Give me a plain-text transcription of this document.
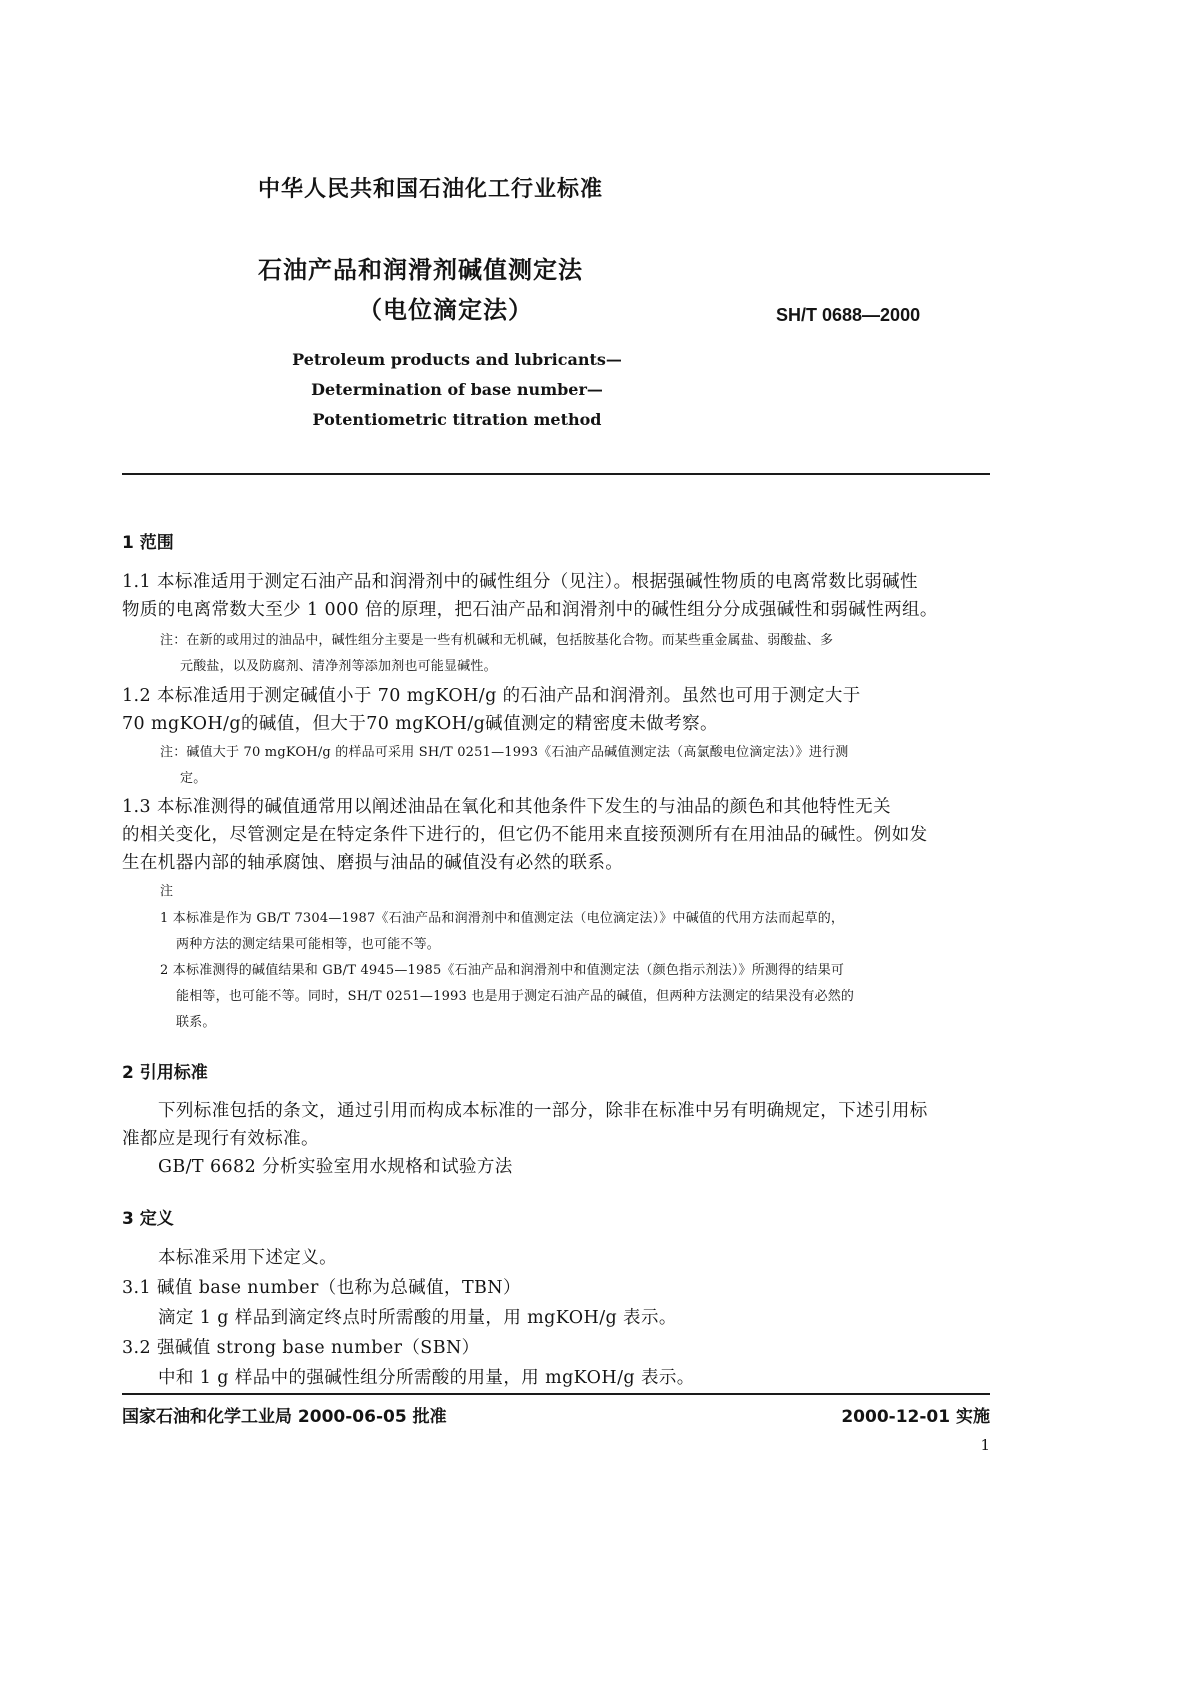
中华人民共和国石油化工行业标准
石油产品和润滑剂碱值测定法
（电位滴定法）	SH/T 0688—2000
Petroleum products and lubricants—
Determination of base number—
Potentiometric titration method
1 范围
1.1 本标准适用于测定石油产品和润滑剂中的碱性组分（见注）。根据强碱性物质的电离常数比弱碱性
物质的电离常数大至少 1 000 倍的原理，把石油产品和润滑剂中的碱性组分分成强碱性和弱碱性两组。
注：在新的或用过的油品中，碱性组分主要是一些有机碱和无机碱，包括胺基化合物。而某些重金属盐、弱酸盐、多
元酸盐，以及防腐剂、清净剂等添加剂也可能显碱性。
1.2 本标准适用于测定碱值小于 70 mgKOH/g 的石油产品和润滑剂。虽然也可用于测定大于
70 mgKOH/g的碱值，但大于70 mgKOH/g碱值测定的精密度未做考察。
注：碱值大于 70 mgKOH/g 的样品可采用 SH/T 0251—1993《石油产品碱值测定法（高氯酸电位滴定法）》进行测
定。
1.3 本标准测得的碱值通常用以阐述油品在氧化和其他条件下发生的与油品的颜色和其他特性无关
的相关变化，尽管测定是在特定条件下进行的，但它仍不能用来直接预测所有在用油品的碱性。例如发
生在机器内部的轴承腐蚀、磨损与油品的碱值没有必然的联系。
注
1 本标准是作为 GB/T 7304—1987《石油产品和润滑剂中和值测定法（电位滴定法）》中碱值的代用方法而起草的，
两种方法的测定结果可能相等，也可能不等。
2 本标准测得的碱值结果和 GB/T 4945—1985《石油产品和润滑剂中和值测定法（颜色指示剂法）》所测得的结果可
能相等，也可能不等。同时，SH/T 0251—1993 也是用于测定石油产品的碱值，但两种方法测定的结果没有必然的
联系。
2 引用标准
下列标准包括的条文，通过引用而构成本标准的一部分，除非在标准中另有明确规定，下述引用标
准都应是现行有效标准。
GB/T 6682 分析实验室用水规格和试验方法
3 定义
本标准采用下述定义。
3.1 碱值 base number（也称为总碱值，TBN）
滴定 1 g 样品到滴定终点时所需酸的用量，用 mgKOH/g 表示。
3.2 强碱值 strong base number（SBN）
中和 1 g 样品中的强碱性组分所需酸的用量，用 mgKOH/g 表示。
国家石油和化学工业局 2000-06-05 批准	2000-12-01 实施
1
